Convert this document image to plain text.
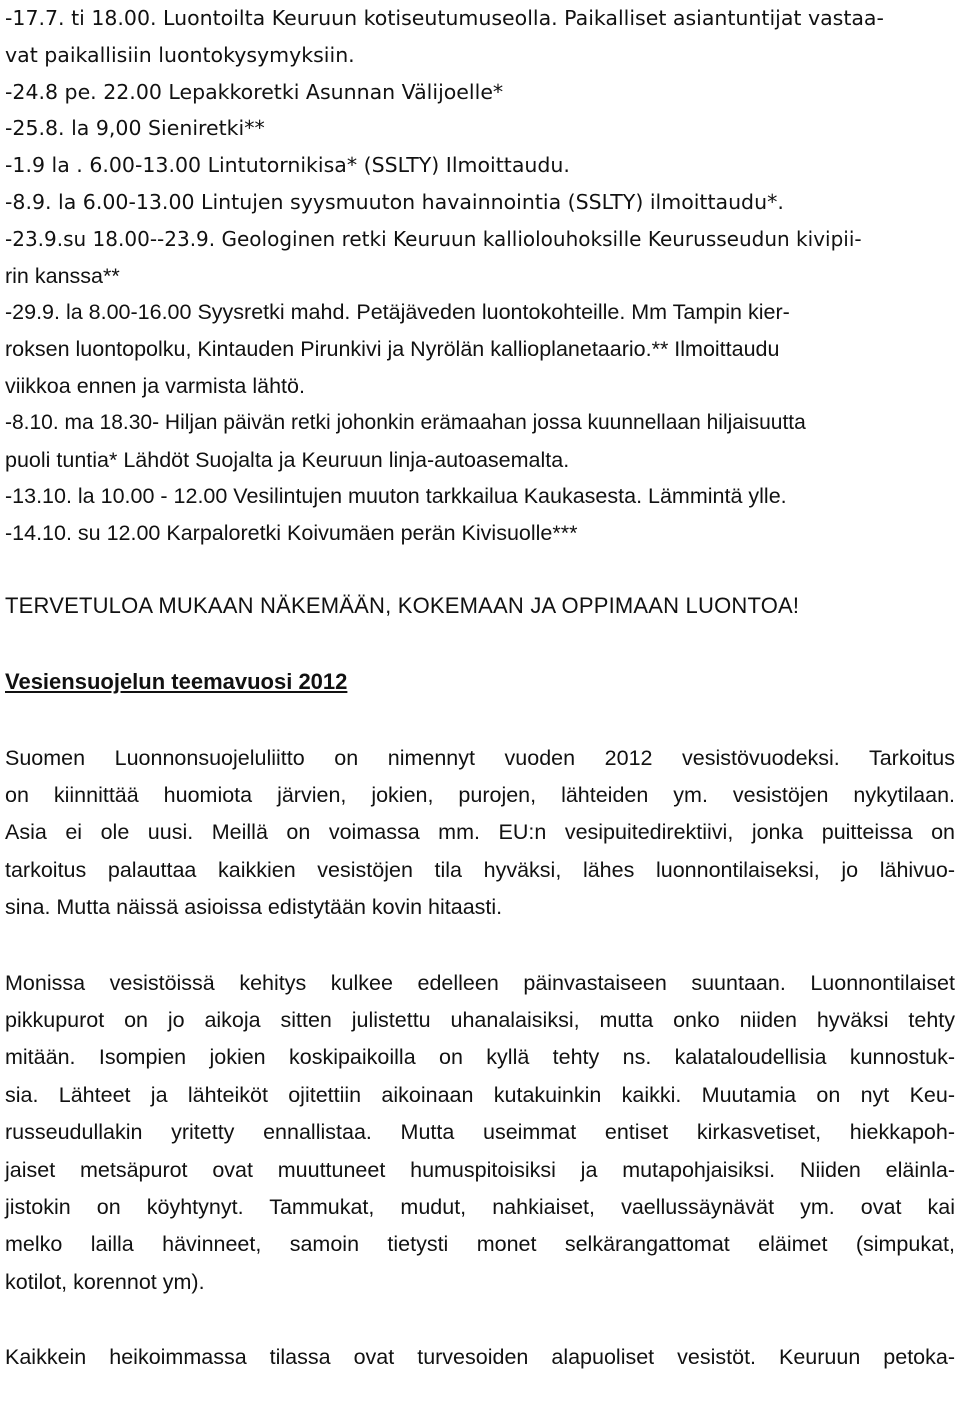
-17.7. ti 18.00. Luontoilta Keuruun kotiseutumuseolla. Paikalliset asiantuntijat vastaa-
vat paikallisiin luontokysymyksiin.
-24.8 pe. 22.00 Lepakkoretki Asunnan Välijoelle*
-25.8. la 9,00 Sieniretki**
-1.9 la . 6.00-13.00 Lintutornikisa* (SSLTY) Ilmoittaudu.
-8.9. la 6.00-13.00 Lintujen syysmuuton havainnointia (SSLTY) ilmoittaudu*.
-23.9.su 18.00--23.9. Geologinen retki Keuruun kalliolouhoksille Keurusseudun kivipii-
rin kanssa**
-29.9. la 8.00-16.00 Syysretki mahd. Petäjäveden luontokohteille. Mm Tampin kier-
roksen luontopolku, Kintauden Pirunkivi ja Nyrölän kallioplanetaario.** Ilmoittaudu
viikkoa ennen ja varmista lähtö.
-8.10. ma 18.30- Hiljan päivän retki johonkin erämaahan jossa kuunnellaan hiljaisuutta
puoli tuntia* Lähdöt Suojalta ja Keuruun linja-autoasemalta.
-13.10. la 10.00 - 12.00 Vesilintujen muuton tarkkailua Kaukasesta. Lämmintä ylle.
-14.10. su 12.00 Karpaloretki Koivumäen perän Kivisuolle***

TERVETULOA MUKAAN NÄKEMÄÄN, KOKEMAAN JA OPPIMAAN LUONTOA!

Vesiensuojelun teemavuosi 2012

Suomen Luonnonsuojeluliitto on nimennyt vuoden 2012 vesistövuodeksi. Tarkoitus
on kiinnittää huomiota järvien, jokien, purojen, lähteiden ym. vesistöjen nykytilaan.
Asia ei ole uusi. Meillä on voimassa mm. EU:n vesipuitedirektiivi, jonka puitteissa on
tarkoitus palauttaa kaikkien vesistöjen tila hyväksi, lähes luonnontilaiseksi, jo lähivuo-
sina. Mutta näissä asioissa edistytään kovin hitaasti.
Monissa vesistöissä kehitys kulkee edelleen päinvastaiseen suuntaan. Luonnontilaiset
pikkupurot on jo aikoja sitten julistettu uhanalaisiksi, mutta onko niiden hyväksi tehty
mitään. Isompien jokien koskipaikoilla on kyllä tehty ns. kalataloudellisia kunnostuk-
sia. Lähteet ja lähteiköt ojitettiin aikoinaan kutakuinkin kaikki. Muutamia on nyt Keu-
russeudullakin yritetty ennallistaa. Mutta useimmat entiset kirkasvetiset, hiekkapoh-
jaiset metsäpurot ovat muuttuneet humuspitoisiksi ja mutapohjaisiksi. Niiden eläinla-
jistokin on köyhtynyt. Tammukat, mudut, nahkiaiset, vaellussäynävät ym. ovat kai
melko lailla hävinneet, samoin tietysti monet selkärangattomat eläimet (simpukat,
kotilot, korennot ym).
Kaikkein heikoimmassa tilassa ovat turvesoiden alapuoliset vesistöt. Keuruun petoka-
